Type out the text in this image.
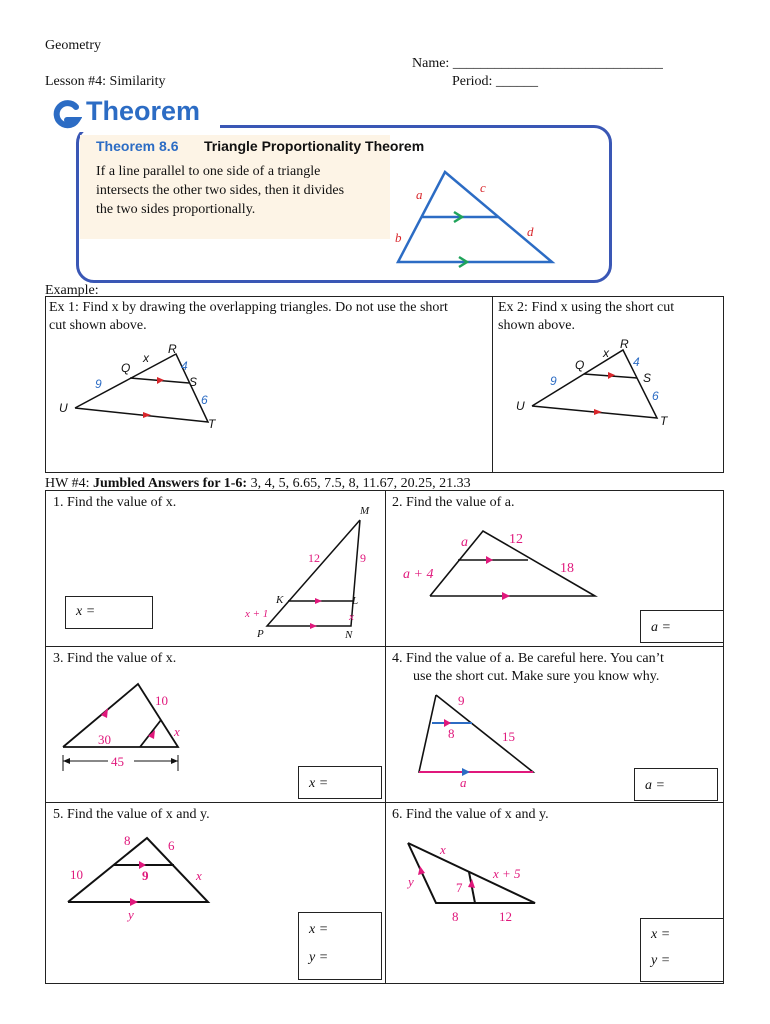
Geometry
Name: ______________________________
Lesson #4: Similarity	Period: ______
Theorem
Theorem 8.6 Triangle Proportionality Theorem
If a line parallel to one side of a triangle
intersects the other two sides, then it divides
the two sides proportionally.
a	c
b	d
Example:
Ex 1: Find x by drawing the overlapping triangles. Do not use the short
cut shown above.
Ex 2: Find x using the short cut
shown above.
R
x
Q	4
S
9
6
U
T
R
x
Q	4
S
9
6
U
T
HW #4: Jumbled Answers for 1-6: 3, 4, 5, 6.65, 7.5, 8, 11.67, 20.25, 21.33
1. Find the value of x.
x =
M
12	9
K	L
x + 1	x
P	N
2. Find the value of a.
a =
a	12
a + 4	18
3. Find the value of x.
x =
10
30
x
45
4. Find the value of a. Be careful here. You can’t
use the short cut. Make sure you know why.
a =
9
8	15
a
5. Find the value of x and y.
x =
y =
8	6
10	9	x
y
6. Find the value of x and y.
x =
y =
x
y	7
x + 5
8	12
